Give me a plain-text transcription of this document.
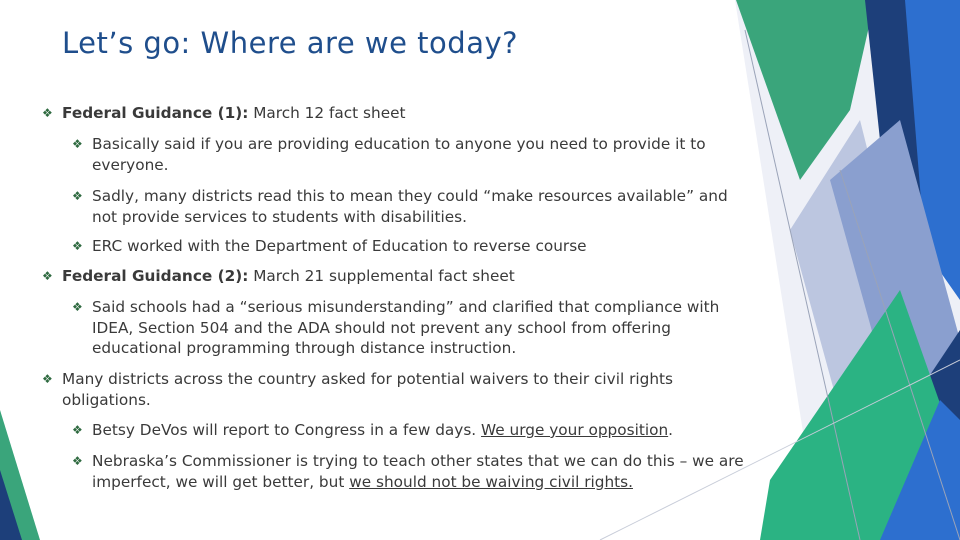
Let’s go: Where are we today?
❖ Federal Guidance (1): March 12 fact sheet
❖ Basically said if you are providing education to anyone you need to provide it to everyone.
❖ Sadly, many districts read this to mean they could “make resources available” and not provide services to students with disabilities.
❖ ERC worked with the Department of Education to reverse course
❖ Federal Guidance (2): March 21 supplemental fact sheet
❖ Said schools had a “serious misunderstanding” and clarified that compliance with IDEA, Section 504 and the ADA should not prevent any school from offering educational programming through distance instruction.
❖ Many districts across the country asked for potential waivers to their civil rights obligations.
❖ Betsy DeVos will report to Congress in a few days. We urge your opposition.
❖ Nebraska’s Commissioner is trying to teach other states that we can do this – we are imperfect, we will get better, but we should not be waiving civil rights.
